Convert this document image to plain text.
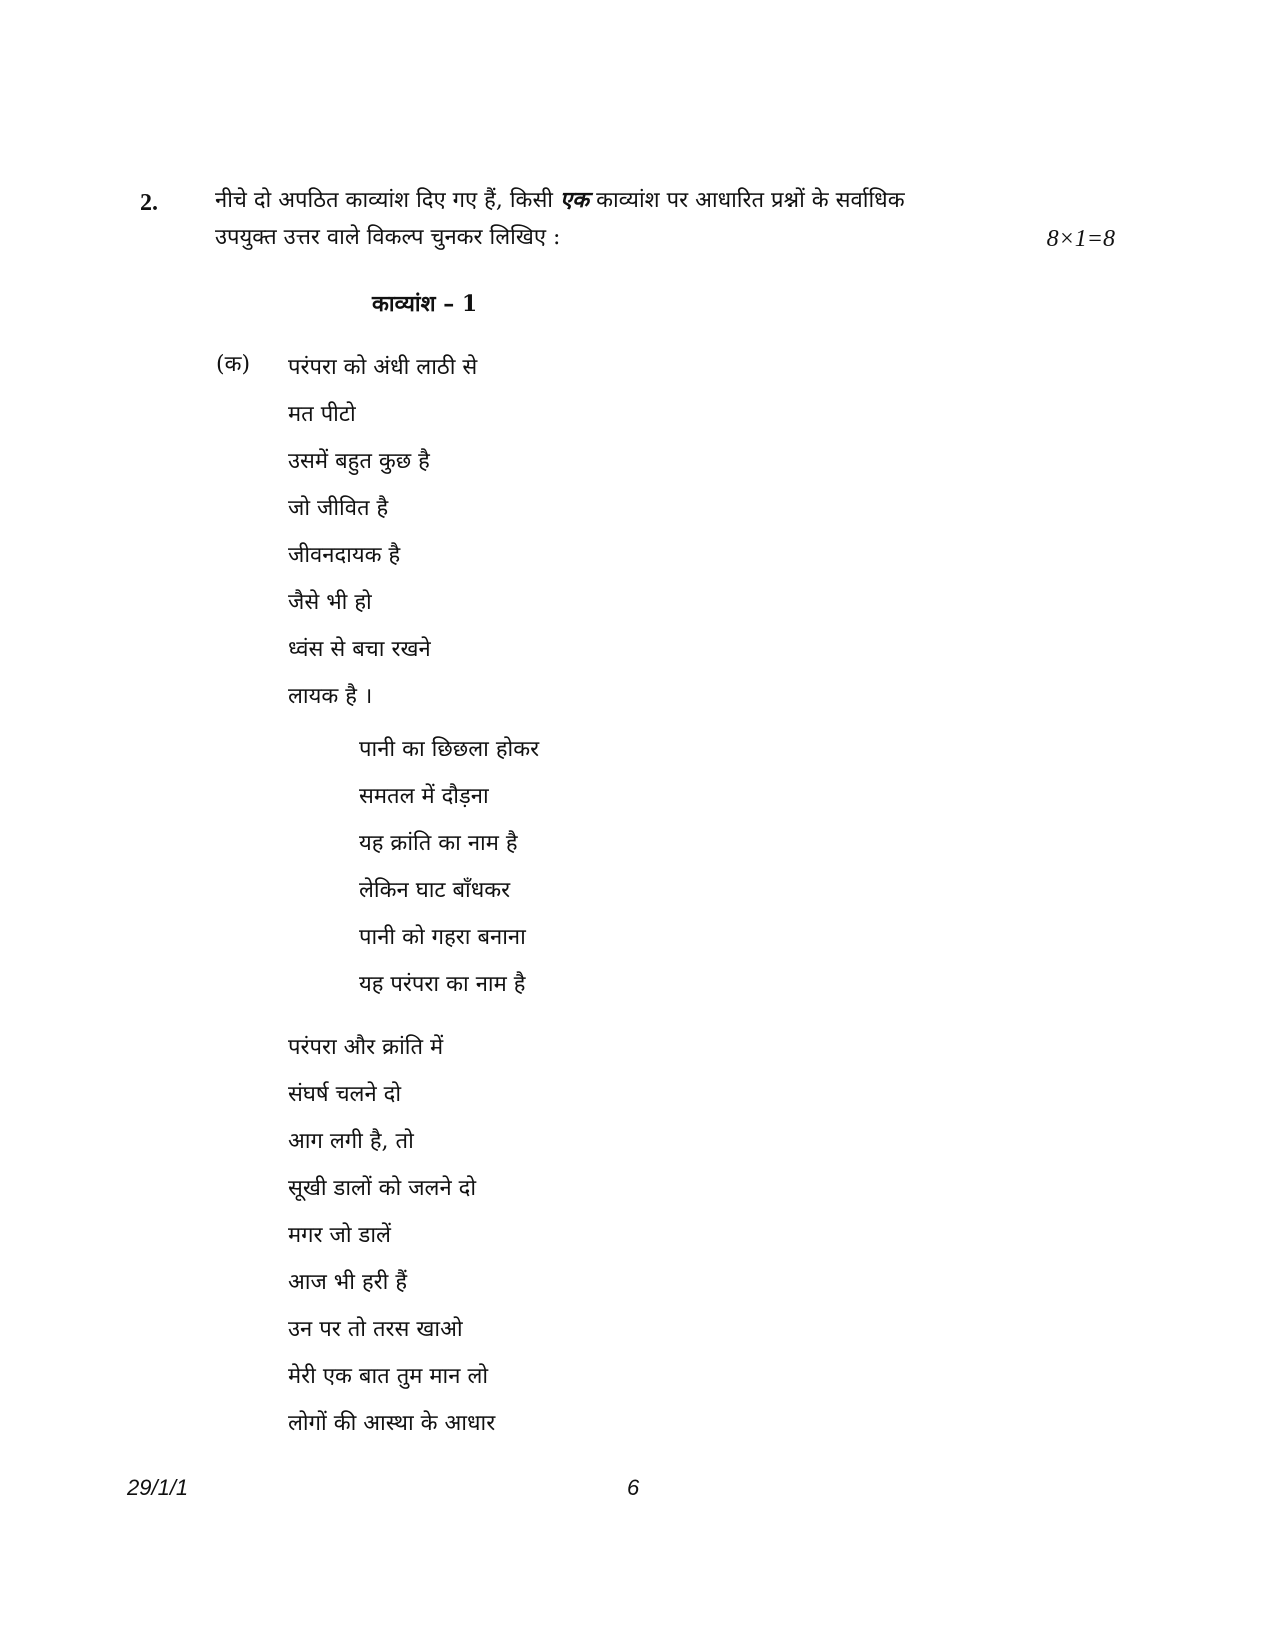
2.	नीचे दो अपठित काव्यांश दिए गए हैं, किसी एक काव्यांश पर आधारित प्रश्नों के सर्वाधिक
उपयुक्त उत्तर वाले विकल्प चुनकर लिखिए :	8×1=8
काव्यांश – 1
(क) परंपरा को अंधी लाठी से
मत पीटो
उसमें बहुत कुछ है
जो जीवित है
जीवनदायक है
जैसे भी हो
ध्वंस से बचा रखने
लायक है ।
पानी का छिछला होकर
समतल में दौड़ना
यह क्रांति का नाम है
लेकिन घाट बाँधकर
पानी को गहरा बनाना
यह परंपरा का नाम है
परंपरा और क्रांति में
संघर्ष चलने दो
आग लगी है, तो
सूखी डालों को जलने दो
मगर जो डालें
आज भी हरी हैं
उन पर तो तरस खाओ
मेरी एक बात तुम मान लो
लोगों की आस्था के आधार
29/1/1	6
